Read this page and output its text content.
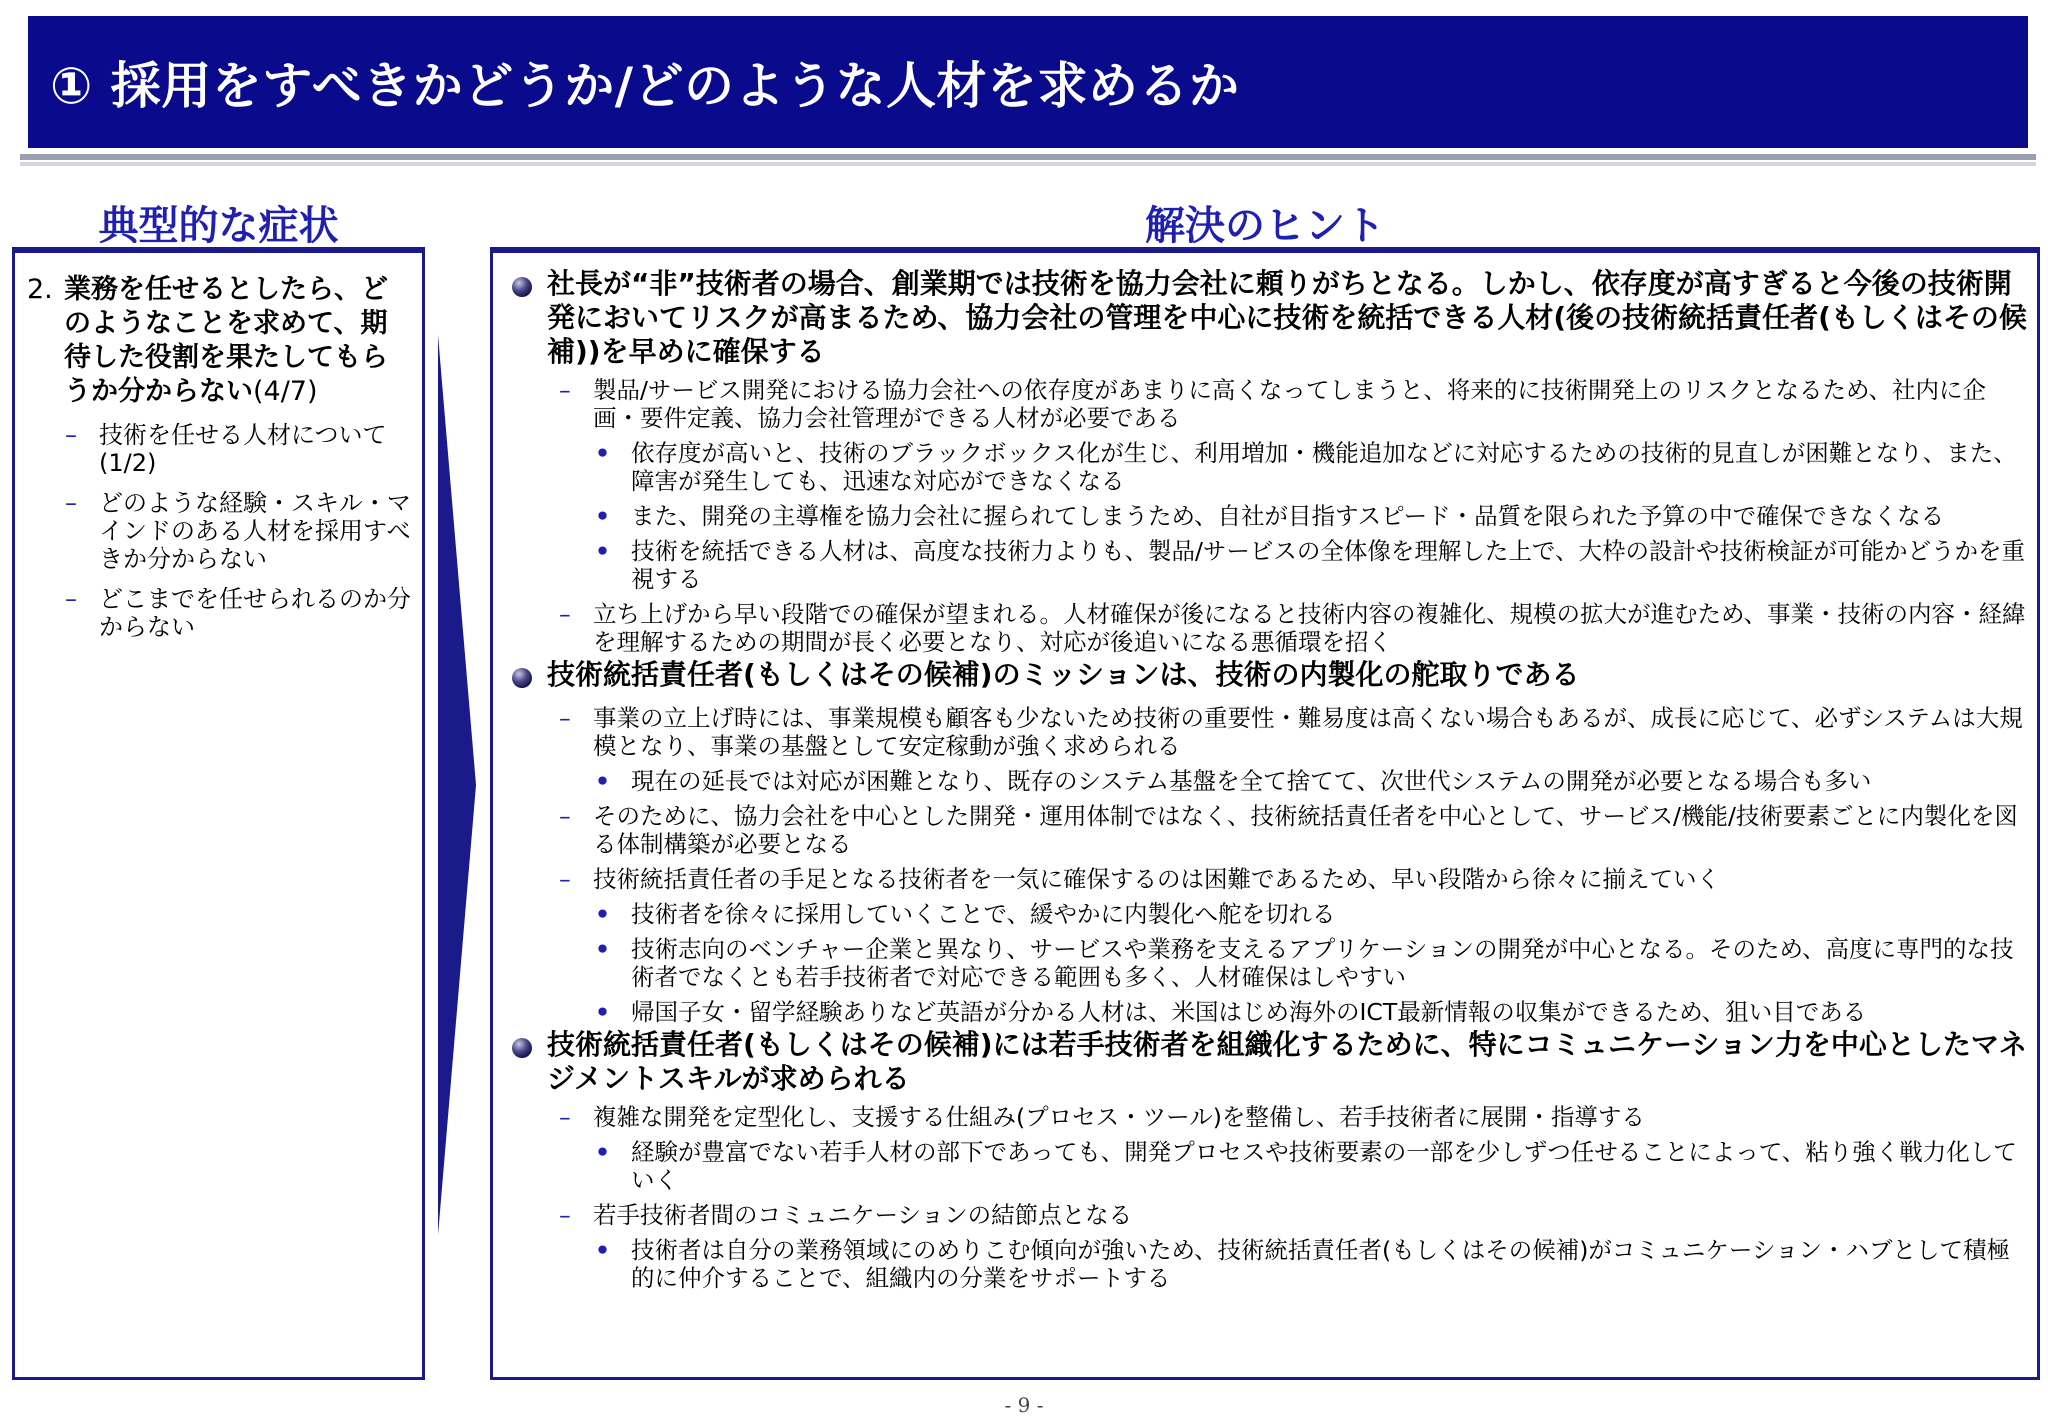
① 採用をすべきかどうか/どのような人材を求めるか
典型的な症状	解決のヒント
2. 業務を任せるとしたら、どのようなことを求めて、期待した役割を果たしてもらうか分からない(4/7)
– 技術を任せる人材について(1/2)
– どのような経験・スキル・マインドのある人材を採用すべきか分からない
– どこまでを任せられるのか分からない
社長が“非”技術者の場合、創業期では技術を協力会社に頼りがちとなる。しかし、依存度が高すぎると今後の技術開発においてリスクが高まるため、協力会社の管理を中心に技術を統括できる人材(後の技術統括責任者(もしくはその候補))を早めに確保する
– 製品/サービス開発における協力会社への依存度があまりに高くなってしまうと、将来的に技術開発上のリスクとなるため、社内に企画・要件定義、協力会社管理ができる人材が必要である
• 依存度が高いと、技術のブラックボックス化が生じ、利用増加・機能追加などに対応するための技術的見直しが困難となり、また、障害が発生しても、迅速な対応ができなくなる
• また、開発の主導権を協力会社に握られてしまうため、自社が目指すスピード・品質を限られた予算の中で確保できなくなる
• 技術を統括できる人材は、高度な技術力よりも、製品/サービスの全体像を理解した上で、大枠の設計や技術検証が可能かどうかを重視する
– 立ち上げから早い段階での確保が望まれる。人材確保が後になると技術内容の複雑化、規模の拡大が進むため、事業・技術の内容・経緯を理解するための期間が長く必要となり、対応が後追いになる悪循環を招く
技術統括責任者(もしくはその候補)のミッションは、技術の内製化の舵取りである
– 事業の立上げ時には、事業規模も顧客も少ないため技術の重要性・難易度は高くない場合もあるが、成長に応じて、必ずシステムは大規模となり、事業の基盤として安定稼動が強く求められる
• 現在の延長では対応が困難となり、既存のシステム基盤を全て捨てて、次世代システムの開発が必要となる場合も多い
– そのために、協力会社を中心とした開発・運用体制ではなく、技術統括責任者を中心として、サービス/機能/技術要素ごとに内製化を図る体制構築が必要となる
– 技術統括責任者の手足となる技術者を一気に確保するのは困難であるため、早い段階から徐々に揃えていく
• 技術者を徐々に採用していくことで、緩やかに内製化へ舵を切れる
• 技術志向のベンチャー企業と異なり、サービスや業務を支えるアプリケーションの開発が中心となる。そのため、高度に専門的な技術者でなくとも若手技術者で対応できる範囲も多く、人材確保はしやすい
• 帰国子女・留学経験ありなど英語が分かる人材は、米国はじめ海外のICT最新情報の収集ができるため、狙い目である
技術統括責任者(もしくはその候補)には若手技術者を組織化するために、特にコミュニケーション力を中心としたマネジメントスキルが求められる
– 複雑な開発を定型化し、支援する仕組み(プロセス・ツール)を整備し、若手技術者に展開・指導する
• 経験が豊富でない若手人材の部下であっても、開発プロセスや技術要素の一部を少しずつ任せることによって、粘り強く戦力化していく
– 若手技術者間のコミュニケーションの結節点となる
• 技術者は自分の業務領域にのめりこむ傾向が強いため、技術統括責任者(もしくはその候補)がコミュニケーション・ハブとして積極的に仲介することで、組織内の分業をサポートする
- 9 -
